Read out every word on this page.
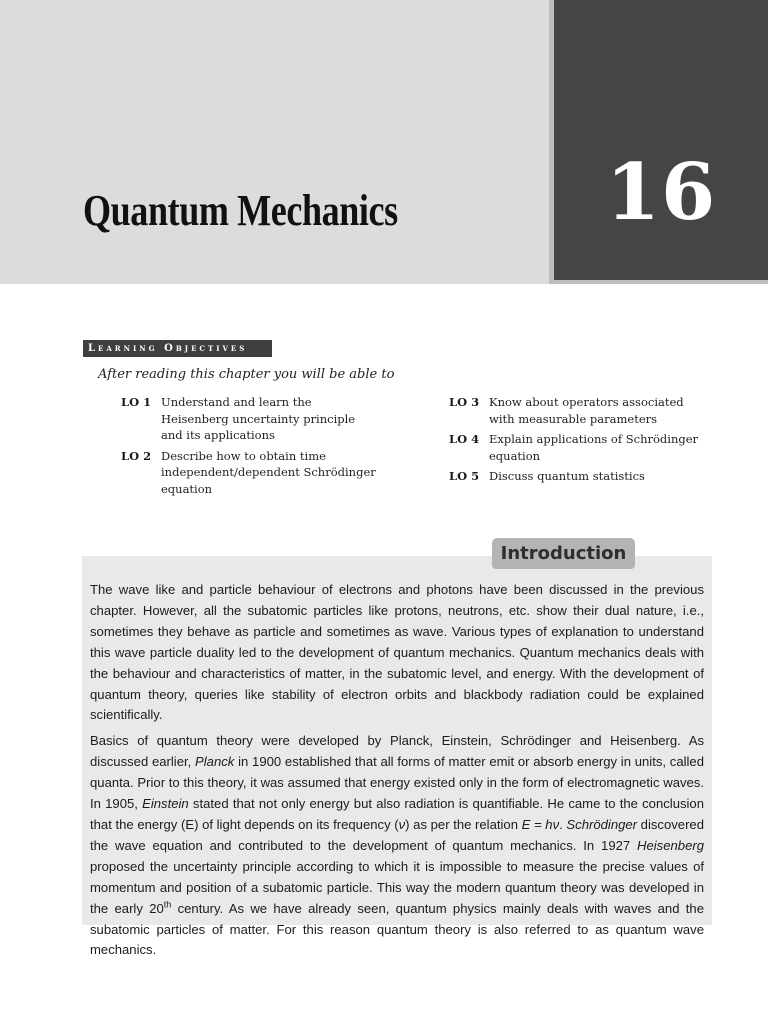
16
Quantum Mechanics
Learning Objectives
After reading this chapter you will be able to
LO 1 Understand and learn the Heisenberg uncertainty principle and its applications
LO 2 Describe how to obtain time independent/dependent Schrödinger equation
LO 3 Know about operators associated with measurable parameters
LO 4 Explain applications of Schrödinger equation
LO 5 Discuss quantum statistics
Introduction

The wave like and particle behaviour of electrons and photons have been discussed in the previous chapter. However, all the subatomic particles like protons, neutrons, etc. show their dual nature, i.e., sometimes they behave as particle and sometimes as wave. Various types of explanation to understand this wave particle duality led to the development of quantum mechanics. Quantum mechanics deals with the behaviour and characteristics of matter, in the subatomic level, and energy. With the development of quantum theory, queries like stability of electron orbits and blackbody radiation could be explained scientifically.

Basics of quantum theory were developed by Planck, Einstein, Schrödinger and Heisenberg. As discussed earlier, Planck in 1900 established that all forms of matter emit or absorb energy in units, called quanta. Prior to this theory, it was assumed that energy existed only in the form of electromagnetic waves. In 1905, Einstein stated that not only energy but also radiation is quantifiable. He came to the conclusion that the energy (E) of light depends on its frequency (ν) as per the relation E = hν. Schrödinger discovered the wave equation and contributed to the development of quantum mechanics. In 1927 Heisenberg proposed the uncertainty principle according to which it is impossible to measure the precise values of momentum and position of a subatomic particle. This way the modern quantum theory was developed in the early 20th century. As we have already seen, quantum physics mainly deals with waves and the subatomic particles of matter. For this reason quantum theory is also referred to as quantum wave mechanics.
